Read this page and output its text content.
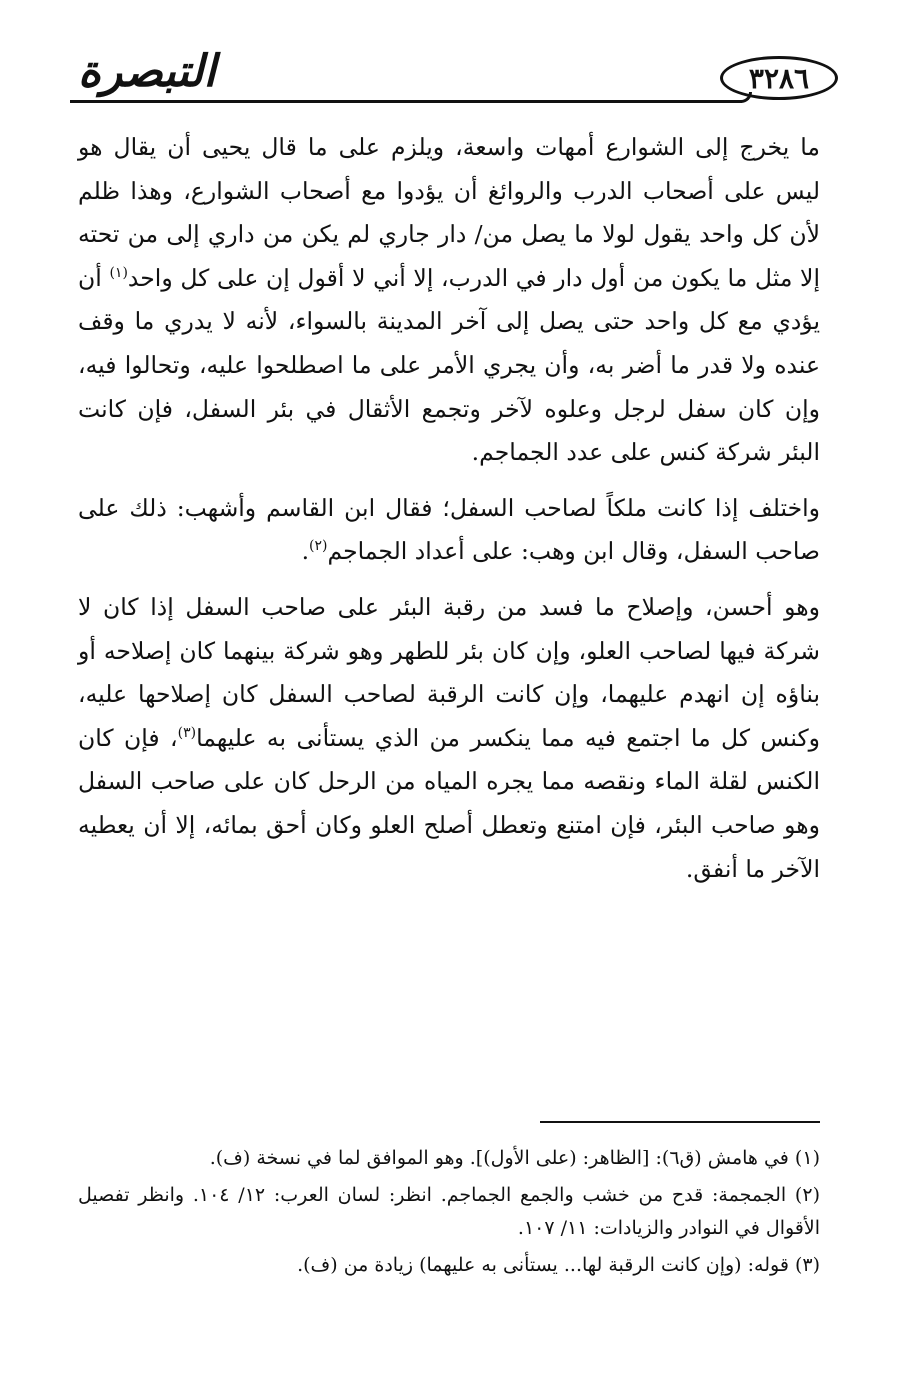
التبصرة	٣٢٨٦

ما يخرج إلى الشوارع أمهات واسعة، ويلزم على ما قال يحيى أن يقال هو ليس على أصحاب الدرب والروائغ أن يؤدوا مع أصحاب الشوارع، وهذا ظلم لأن كل واحد يقول لولا ما يصل من/ دار جاري لم يكن من داري إلى من تحته إلا مثل ما يكون من أول دار في الدرب، إلا أني لا أقول إن على كل واحد$^{(١)}$ أن يؤدي مع كل واحد حتى يصل إلى آخر المدينة بالسواء، لأنه لا يدري ما وقف عنده ولا قدر ما أضر به، وأن يجري الأمر على ما اصطلحوا عليه، وتحالوا فيه، وإن كان سفل لرجل وعلوه لآخر وتجمع الأثقال في بئر السفل، فإن كانت البئر شركة كنس على عدد الجماجم.

واختلف إذا كانت ملكاً لصاحب السفل؛ فقال ابن القاسم وأشهب: ذلك على صاحب السفل، وقال ابن وهب: على أعداد الجماجم$^{(٢)}$.

وهو أحسن، وإصلاح ما فسد من رقبة البئر على صاحب السفل إذا كان لا شركة فيها لصاحب العلو، وإن كان بئر للطهر وهو شركة بينهما كان إصلاحه أو بناؤه إن انهدم عليهما، وإن كانت الرقبة لصاحب السفل كان إصلاحها عليه، وكنس كل ما اجتمع فيه مما ينكسر من الذي يستأنى به عليهما$^{(٣)}$، فإن كان الكنس لقلة الماء ونقصه مما يجره المياه من الرحل كان على صاحب السفل وهو صاحب البئر، فإن امتنع وتعطل أصلح العلو وكان أحق بمائه، إلا أن يعطيه الآخر ما أنفق.

(١) في هامش (ق٦): [الظاهر: (على الأول)]. وهو الموافق لما في نسخة (ف).

(٢) الجمجمة: قدح من خشب والجمع الجماجم. انظر: لسان العرب: ١٢/ ١٠٤. وانظر تفصيل الأقوال في النوادر والزيادات: ١١/ ١٠٧.

(٣) قوله: (وإن كانت الرقبة لها... يستأنى به عليهما) زيادة من (ف).
